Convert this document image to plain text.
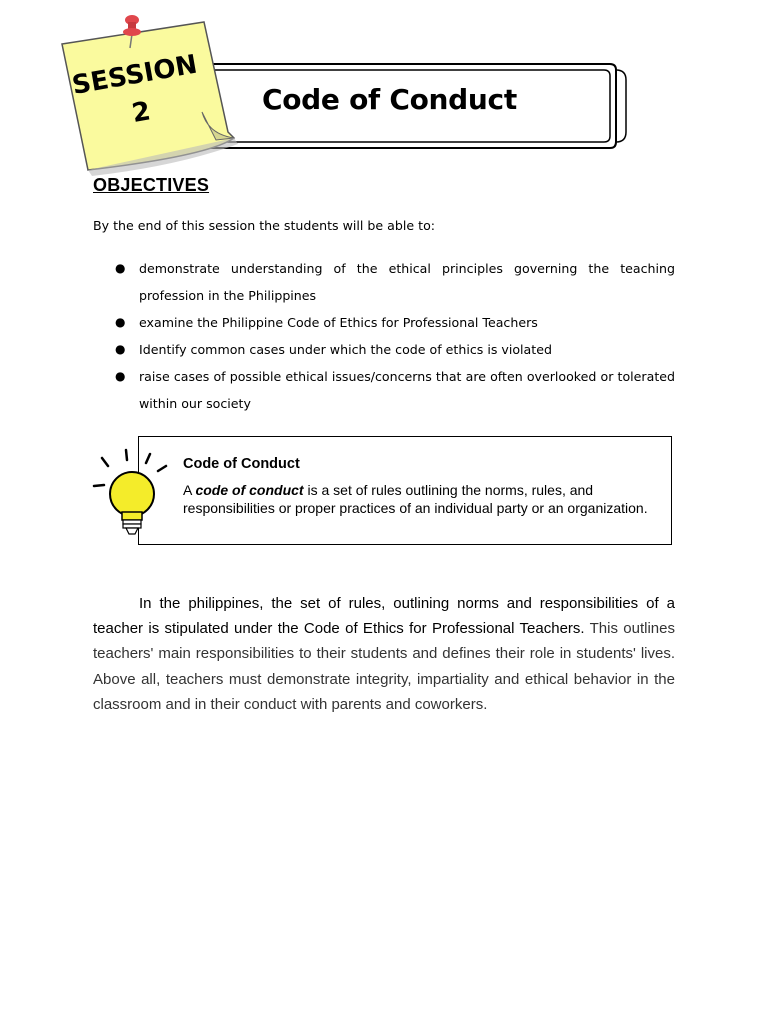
Code of Conduct
SESSION
2
OBJECTIVES
By the end of this session the students will be able to:
● demonstrate understanding of the ethical principles governing the teaching profession in the Philippines
● examine the Philippine Code of Ethics for Professional Teachers
● Identify common cases under which the code of ethics is violated
● raise cases of possible ethical issues/concerns that are often overlooked or tolerated within our society
Code of Conduct
A code of conduct is a set of rules outlining the norms, rules, and responsibilities or proper practices of an individual party or an organization.
In the philippines, the set of rules, outlining norms and responsibilities of a teacher is stipulated under the Code of Ethics for Professional Teachers. This outlines teachers' main responsibilities to their students and defines their role in students' lives. Above all, teachers must demonstrate integrity, impartiality and ethical behavior in the classroom and in their conduct with parents and coworkers.
